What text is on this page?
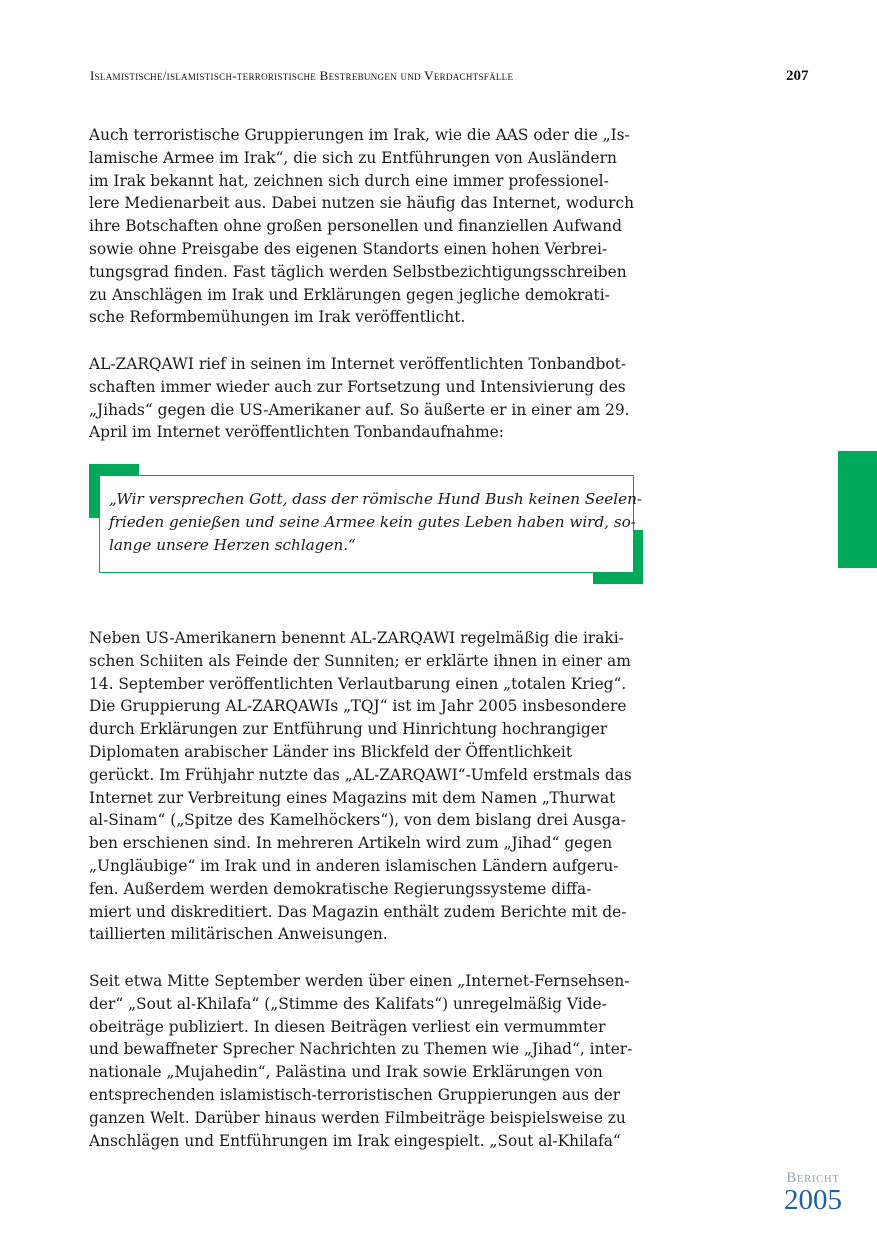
Islamistische/islamistisch-terroristische Bestrebungen und Verdachtsfälle	207

Auch terroristische Gruppierungen im Irak, wie die AAS oder die „Is-
lamische Armee im Irak“, die sich zu Entführungen von Ausländern
im Irak bekannt hat, zeichnen sich durch eine immer professionel-
lere Medienarbeit aus. Dabei nutzen sie häufig das Internet, wodurch
ihre Botschaften ohne großen personellen und finanziellen Aufwand
sowie ohne Preisgabe des eigenen Standorts einen hohen Verbrei-
tungsgrad finden. Fast täglich werden Selbstbezichtigungsschreiben
zu Anschlägen im Irak und Erklärungen gegen jegliche demokrati-
sche Reformbemühungen im Irak veröffentlicht.

AL-ZARQAWI rief in seinen im Internet veröffentlichten Tonbandbot-
schaften immer wieder auch zur Fortsetzung und Intensivierung des
„Jihads“ gegen die US-Amerikaner auf. So äußerte er in einer am 29.
April im Internet veröffentlichten Tonbandaufnahme:

„Wir versprechen Gott, dass der römische Hund Bush keinen Seelen-
frieden genießen und seine Armee kein gutes Leben haben wird, so-
lange unsere Herzen schlagen.“

Neben US-Amerikanern benennt AL-ZARQAWI regelmäßig die iraki-
schen Schiiten als Feinde der Sunniten; er erklärte ihnen in einer am
14. September veröffentlichten Verlautbarung einen „totalen Krieg“.
Die Gruppierung AL-ZARQAWIs „TQJ“ ist im Jahr 2005 insbesondere
durch Erklärungen zur Entführung und Hinrichtung hochrangiger
Diplomaten arabischer Länder ins Blickfeld der Öffentlichkeit
gerückt. Im Frühjahr nutzte das „AL-ZARQAWI“-Umfeld erstmals das
Internet zur Verbreitung eines Magazins mit dem Namen „Thurwat
al-Sinam“ („Spitze des Kamelhöckers“), von dem bislang drei Ausga-
ben erschienen sind. In mehreren Artikeln wird zum „Jihad“ gegen
„Ungläubige“ im Irak und in anderen islamischen Ländern aufgeru-
fen. Außerdem werden demokratische Regierungssysteme diffa-
miert und diskreditiert. Das Magazin enthält zudem Berichte mit de-
taillierten militärischen Anweisungen.

Seit etwa Mitte September werden über einen „Internet-Fernsehsen-
der“ „Sout al-Khilafa“ („Stimme des Kalifats“) unregelmäßig Vide-
obeiträge publiziert. In diesen Beiträgen verliest ein vermummter
und bewaffneter Sprecher Nachrichten zu Themen wie „Jihad“, inter-
nationale „Mujahedin“, Palästina und Irak sowie Erklärungen von
entsprechenden islamistisch-terroristischen Gruppierungen aus der
ganzen Welt. Darüber hinaus werden Filmbeiträge beispielsweise zu
Anschlägen und Entführungen im Irak eingespielt. „Sout al-Khilafa“

Bericht
2005
